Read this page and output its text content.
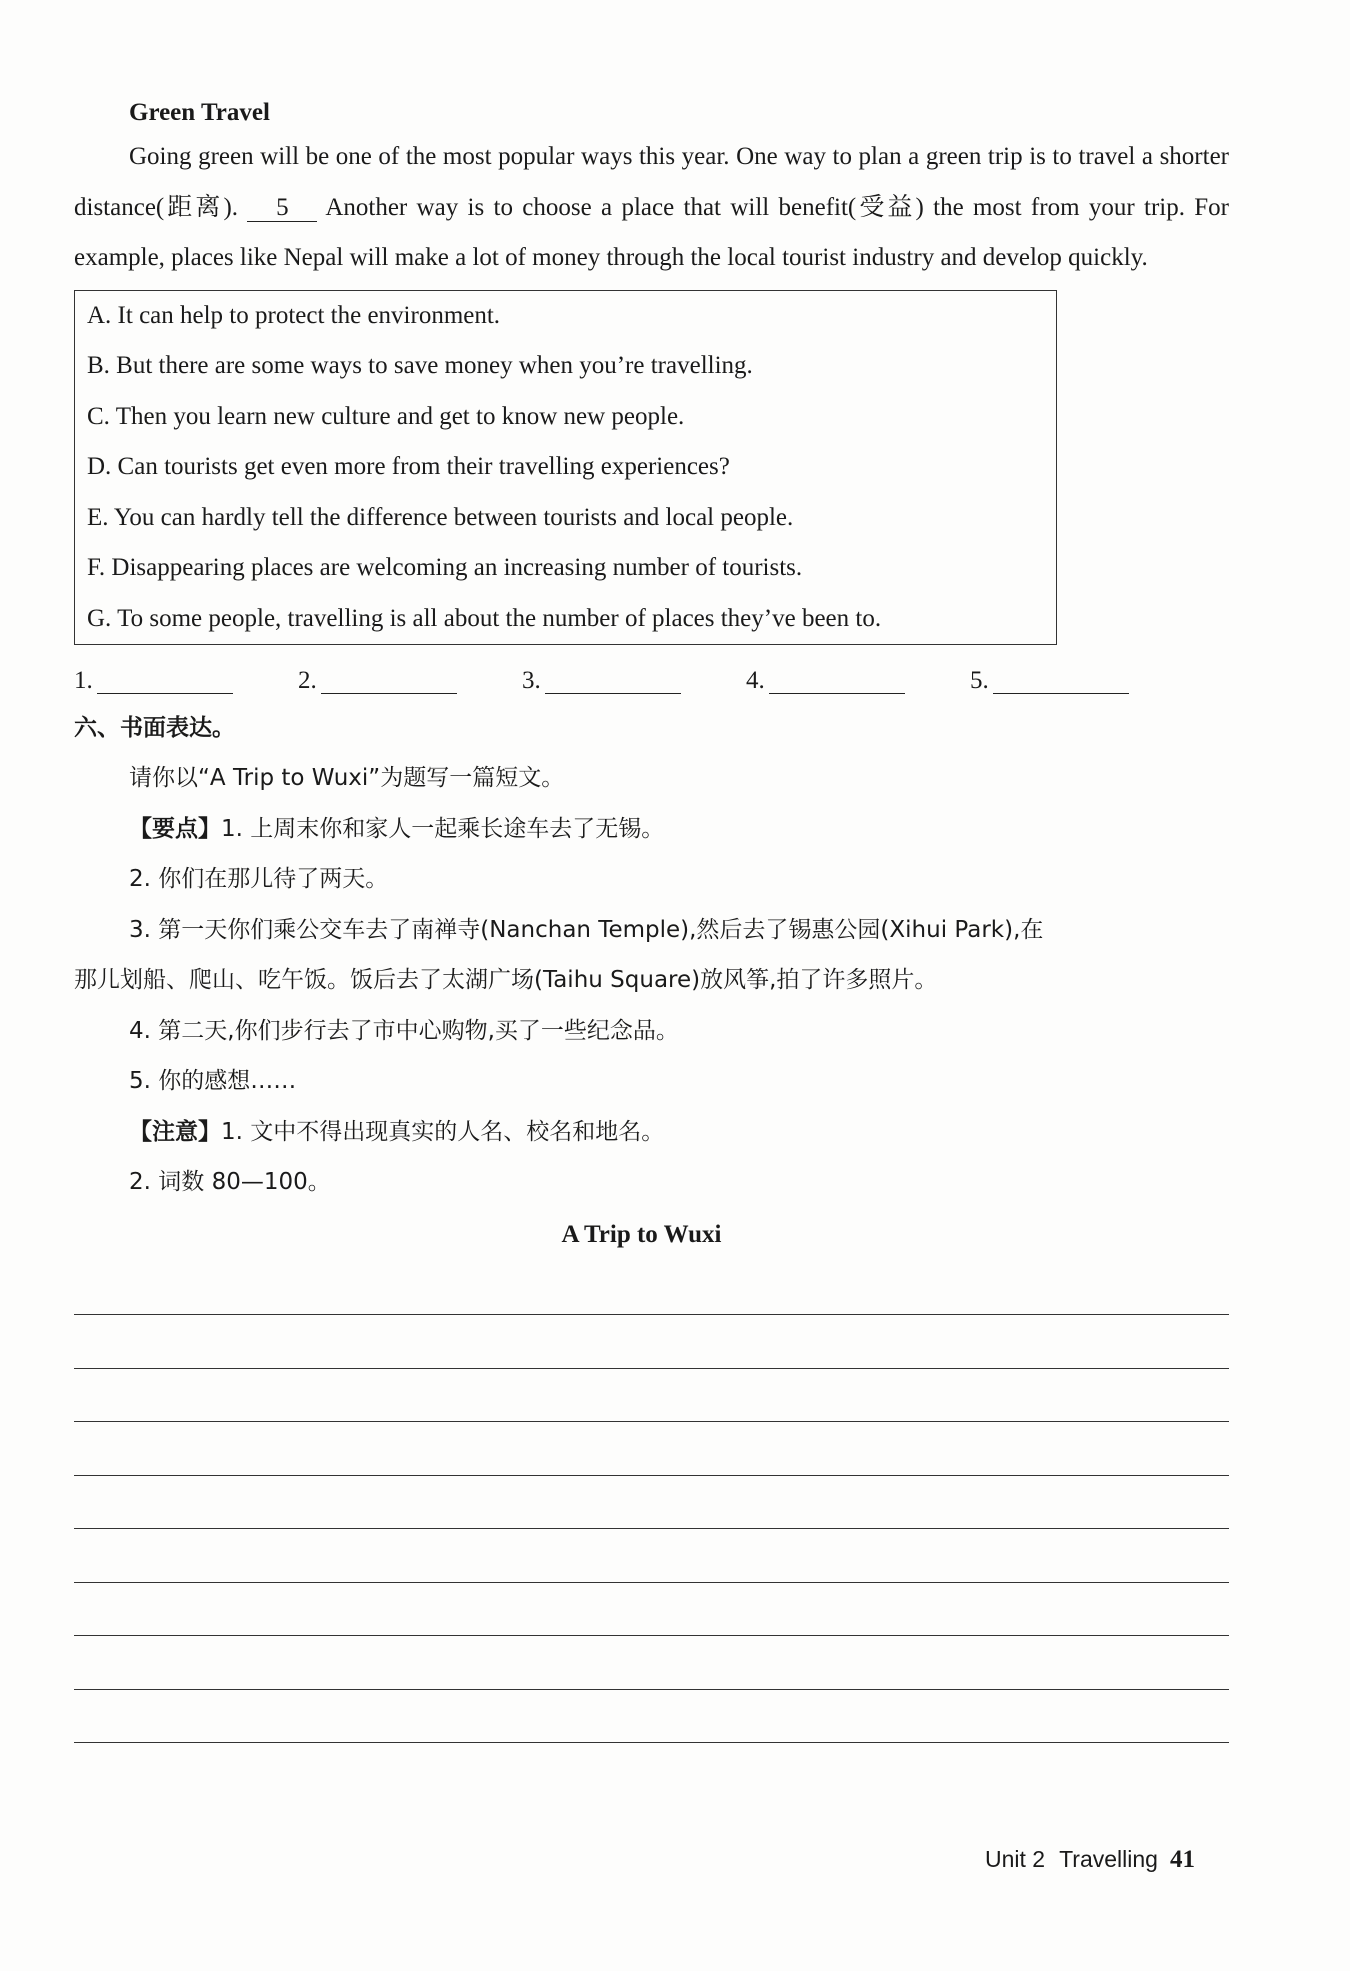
Green Travel
Going green will be one of the most popular ways this year. One way to plan a green trip is to travel a shorter distance(距离). 5 Another way is to choose a place that will benefit(受益) the most from your trip. For example, places like Nepal will make a lot of money through the local tourist industry and develop quickly.
A. It can help to protect the environment.
B. But there are some ways to save money when you’re travelling.
C. Then you learn new culture and get to know new people.
D. Can tourists get even more from their travelling experiences?
E. You can hardly tell the difference between tourists and local people.
F. Disappearing places are welcoming an increasing number of tourists.
G. To some people, travelling is all about the number of places they’ve been to.
1.	2.	3.	4.	5.
六、书面表达。
请你以“A Trip to Wuxi”为题写一篇短文。
【要点】1. 上周末你和家人一起乘长途车去了无锡。
2. 你们在那儿待了两天。
3. 第一天你们乘公交车去了南禅寺(Nanchan Temple),然后去了锡惠公园(Xihui Park),在
那儿划船、爬山、吃午饭。饭后去了太湖广场(Taihu Square)放风筝,拍了许多照片。
4. 第二天,你们步行去了市中心购物,买了一些纪念品。
5. 你的感想……
【注意】1. 文中不得出现真实的人名、校名和地名。
2. 词数 80—100。
A Trip to Wuxi
Unit 2 Travelling 41
